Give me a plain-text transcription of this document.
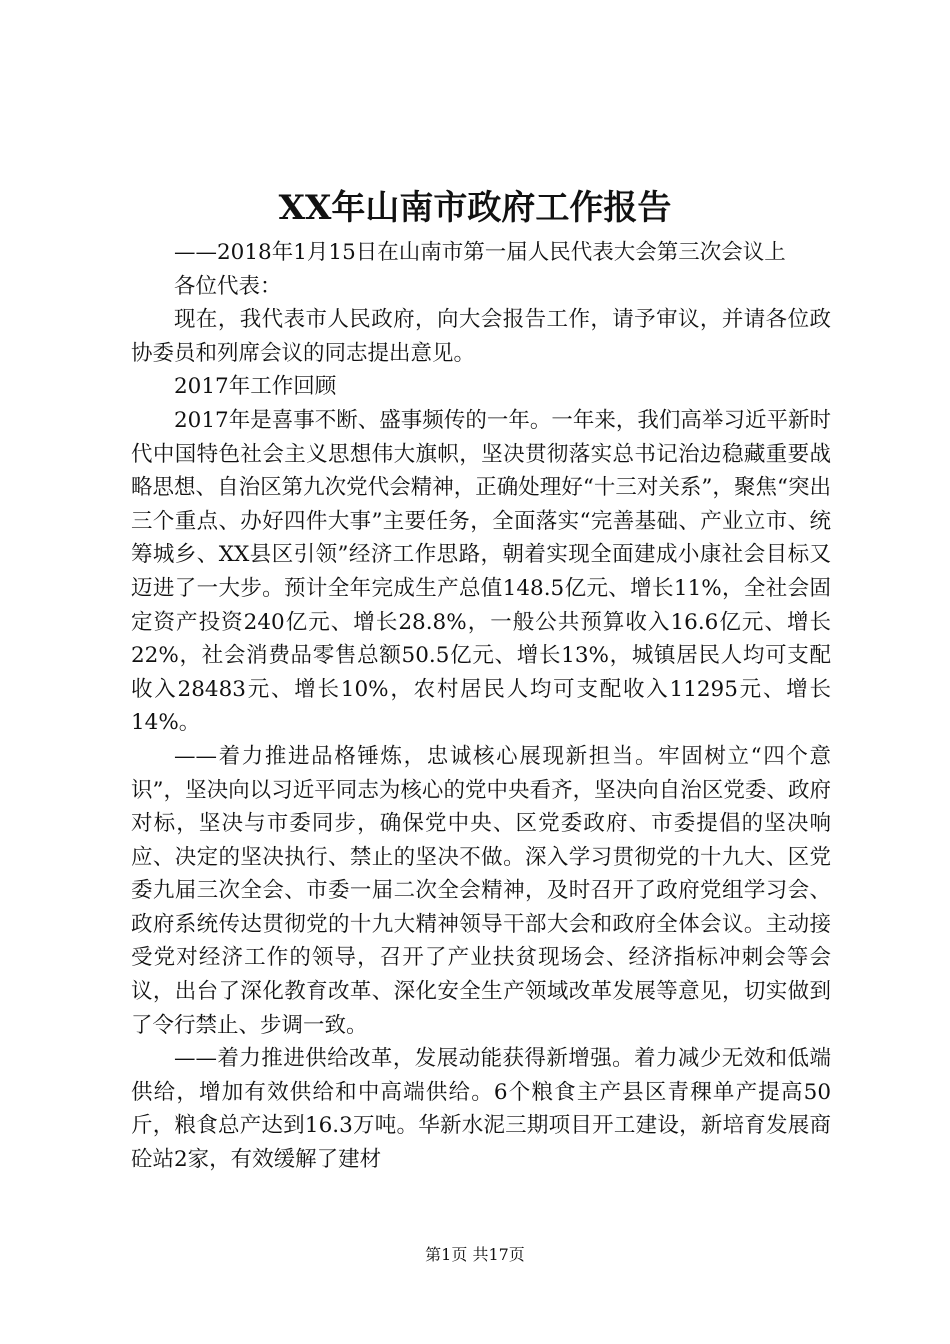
XX年山南市政府工作报告

——2018年1月15日在山南市第一届人民代表大会第三次会议上

各位代表：

现在，我代表市人民政府，向大会报告工作，请予审议，并请各位政协委员和列席会议的同志提出意见。

2017年工作回顾

2017年是喜事不断、盛事频传的一年。一年来，我们高举习近平新时代中国特色社会主义思想伟大旗帜，坚决贯彻落实总书记治边稳藏重要战略思想、自治区第九次党代会精神，正确处理好“十三对关系”，聚焦“突出三个重点、办好四件大事”主要任务，全面落实“完善基础、产业立市、统筹城乡、XX县区引领”经济工作思路，朝着实现全面建成小康社会目标又迈进了一大步。预计全年完成生产总值148.5亿元、增长11%，全社会固定资产投资240亿元、增长28.8%，一般公共预算收入16.6亿元、增长22%，社会消费品零售总额50.5亿元、增长13%，城镇居民人均可支配收入28483元、增长10%，农村居民人均可支配收入11295元、增长14%。

——着力推进品格锤炼，忠诚核心展现新担当。牢固树立“四个意识”，坚决向以习近平同志为核心的党中央看齐，坚决向自治区党委、政府对标，坚决与市委同步，确保党中央、区党委政府、市委提倡的坚决响应、决定的坚决执行、禁止的坚决不做。深入学习贯彻党的十九大、区党委九届三次全会、市委一届二次全会精神，及时召开了政府党组学习会、政府系统传达贯彻党的十九大精神领导干部大会和政府全体会议。主动接受党对经济工作的领导，召开了产业扶贫现场会、经济指标冲刺会等会议，出台了深化教育改革、深化安全生产领域改革发展等意见，切实做到了令行禁止、步调一致。

——着力推进供给改革，发展动能获得新增强。着力减少无效和低端供给，增加有效供给和中高端供给。6个粮食主产县区青稞单产提高50斤，粮食总产达到16.3万吨。华新水泥三期项目开工建设，新培育发展商砼站2家，有效缓解了建材

第1页 共17页
